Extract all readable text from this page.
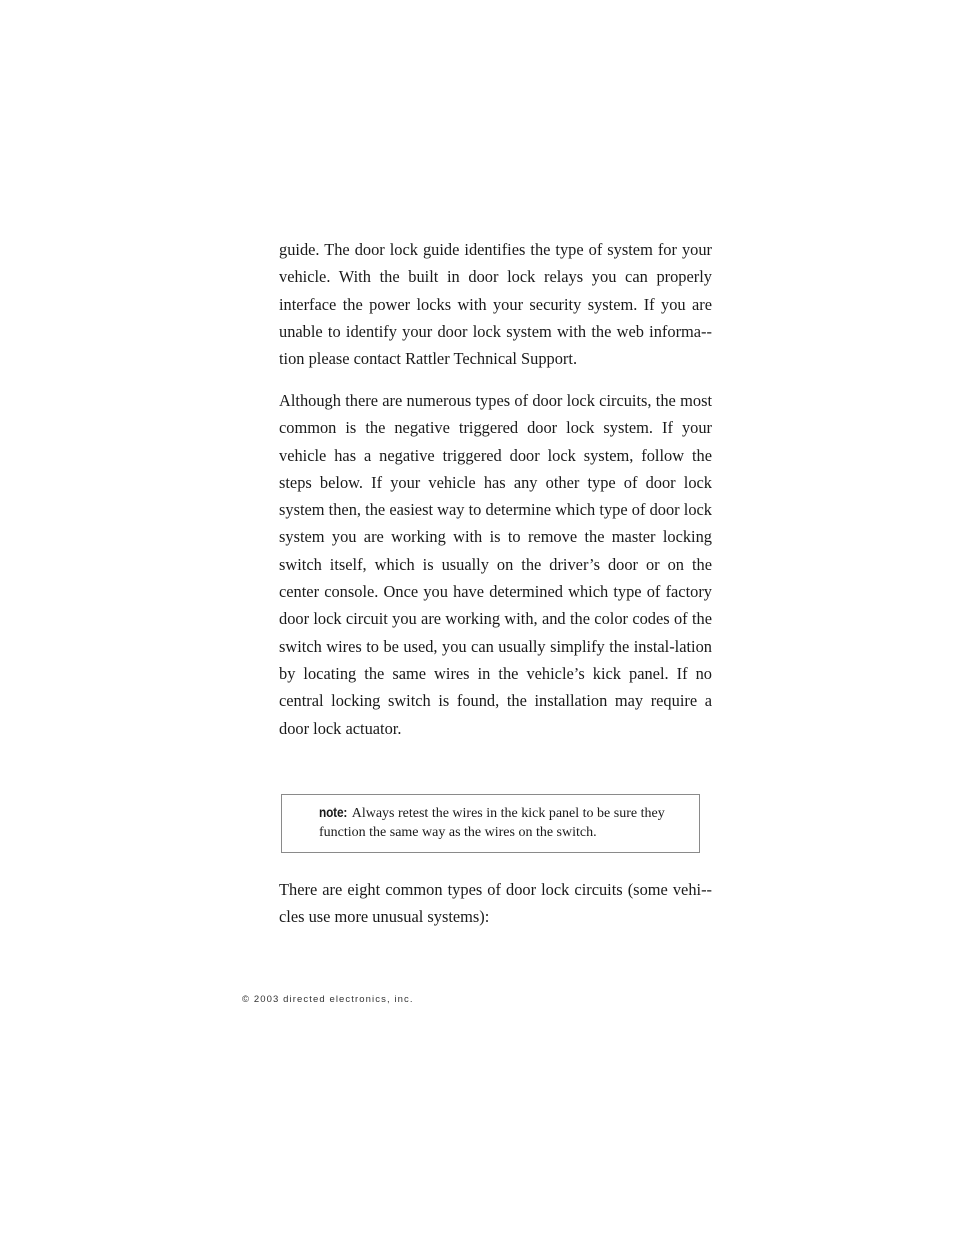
guide. The door lock guide identifies the type of system for your vehicle. With the built in door lock relays you can properly interface the power locks with your security system. If you are unable to identify your door lock system with the web informa-tion please contact Rattler Technical Support.

Although there are numerous types of door lock circuits, the most common is the negative triggered door lock system. If your vehicle has a negative triggered door lock system, follow the steps below. If your vehicle has any other type of door lock system then, the easiest way to determine which type of door lock system you are working with is to remove the master locking switch itself, which is usually on the driver’s door or on the center console. Once you have determined which type of factory door lock circuit you are working with, and the color codes of the switch wires to be used, you can usually simplify the instal-lation by locating the same wires in the vehicle’s kick panel. If no central locking switch is found, the installation may require a door lock actuator.

note: Always retest the wires in the kick panel to be sure they function the same way as the wires on the switch.

There are eight common types of door lock circuits (some vehi-cles use more unusual systems):

© 2003 directed electronics, inc.
